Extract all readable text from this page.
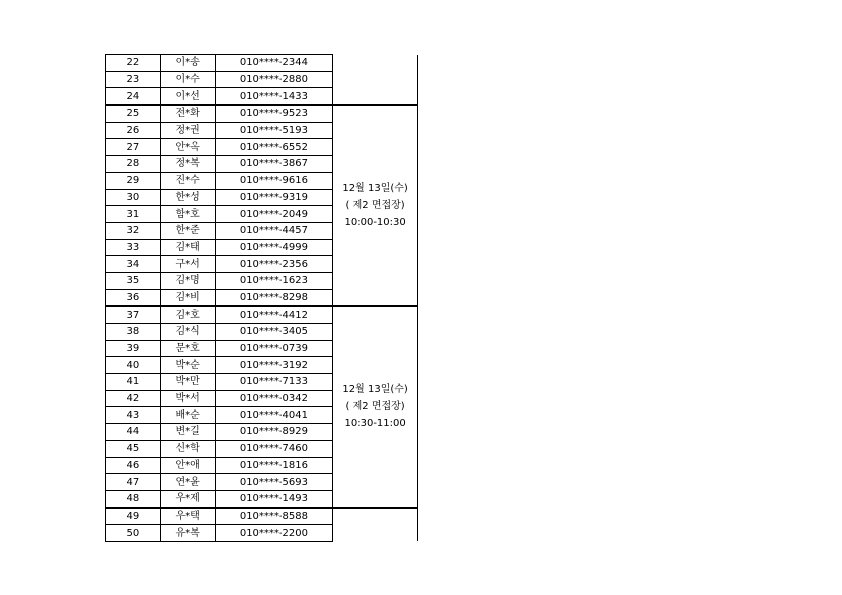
22	이*송	010****-2344	
23	이*수	010****-2880	
24	이*선	010****-1433	
25	전*화	010****-9523	12월 13일(수)
( 제2 면접장)
10:00-10:30

26	정*권	010****-5193	
27	안*옥	010****-6552	
28	정*복	010****-3867	
29	진*수	010****-9616	
30	한*성	010****-9319	
31	함*호	010****-2049	
32	한*준	010****-4457	
33	김*태	010****-4999	
34	구*서	010****-2356	
35	김*명	010****-1623	
36	김*비	010****-8298	
37	김*호	010****-4412	12월 13일(수)
( 제2 면접장)
10:30-11:00

38	김*식	010****-3405	
39	문*호	010****-0739	
40	박*순	010****-3192	
41	박*만	010****-7133	
42	박*서	010****-0342	
43	배*순	010****-4041	
44	변*길	010****-8929	
45	신*학	010****-7460	
46	안*애	010****-1816	
47	연*윤	010****-5693	
48	우*제	010****-1493	
49	우*택	010****-8588	
50	유*복	010****-2200	
